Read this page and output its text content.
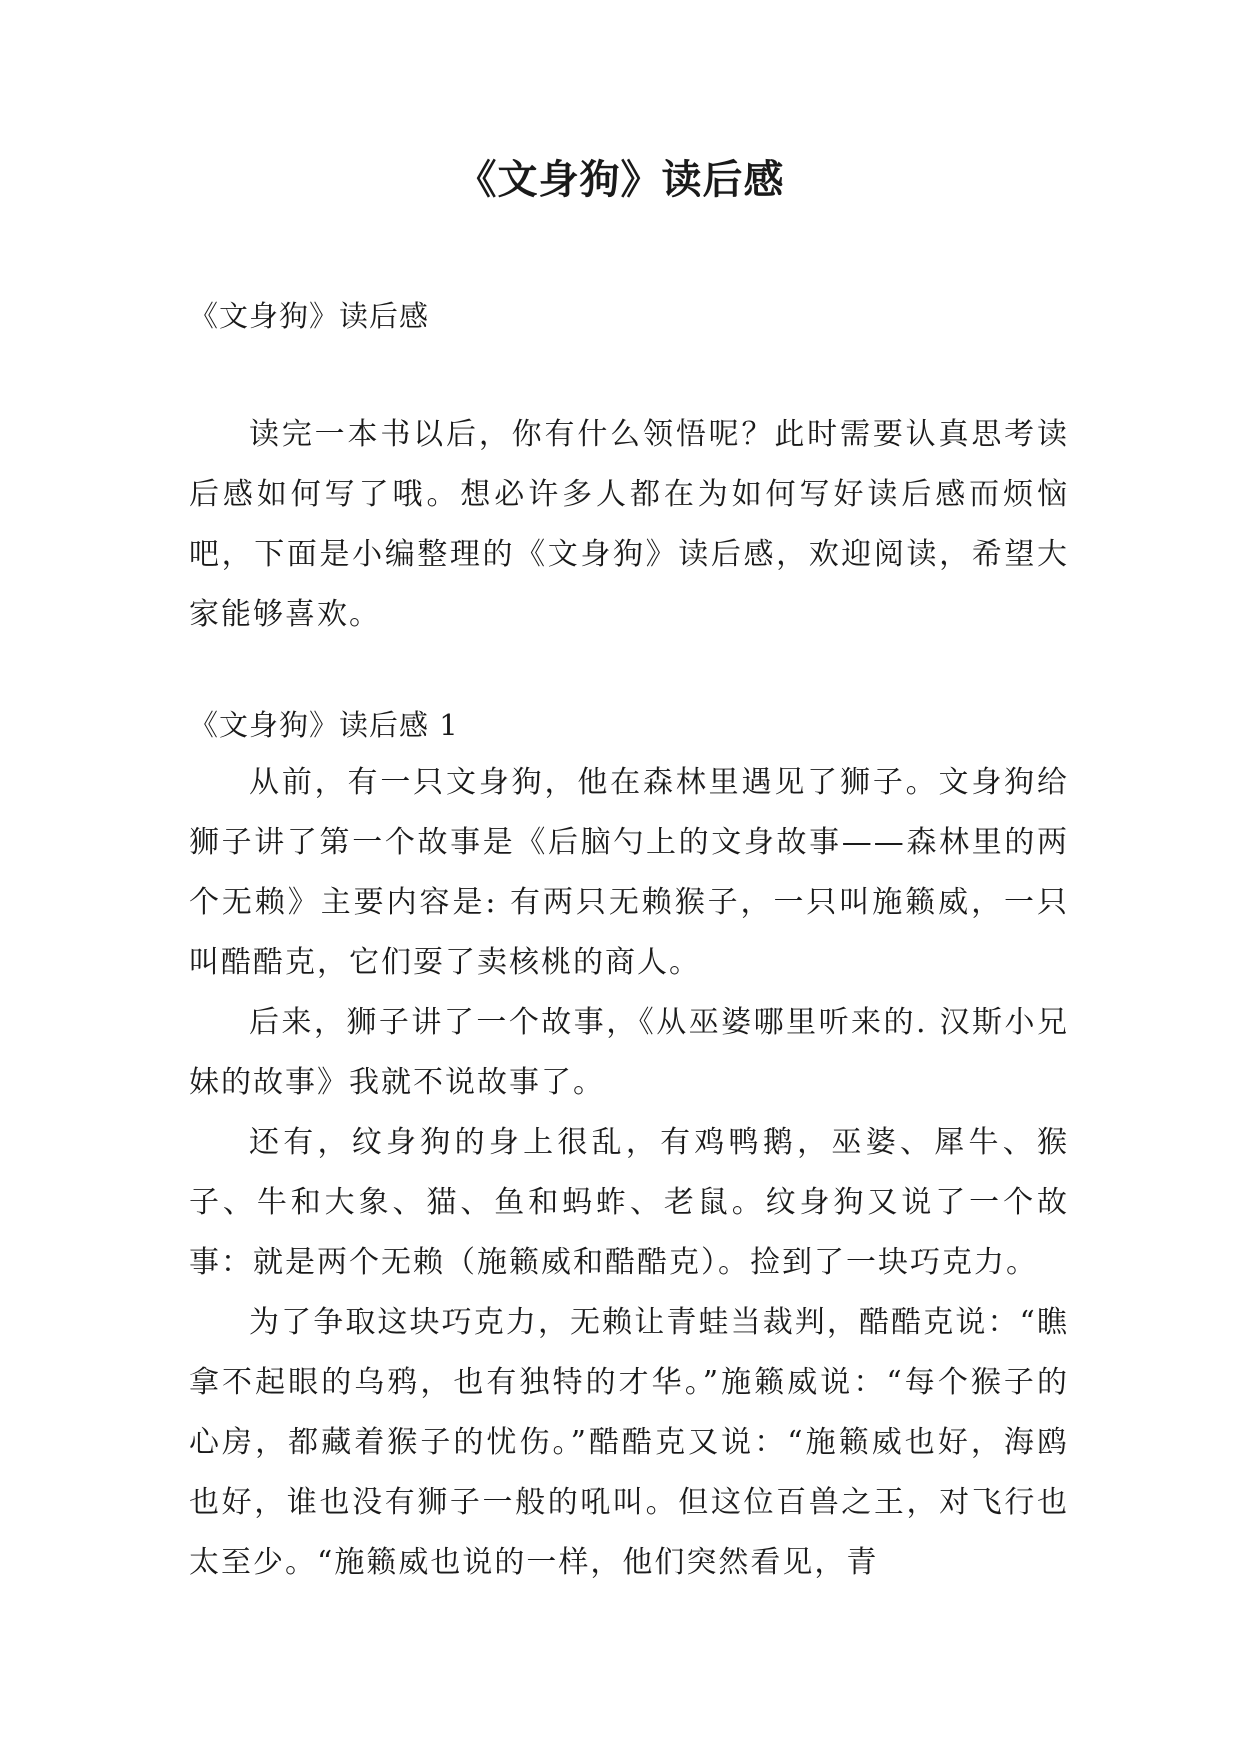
《文身狗》读后感

《文身狗》读后感

读完一本书以后，你有什么领悟呢？此时需要认真思考读后感如何写了哦。想必许多人都在为如何写好读后感而烦恼吧，下面是小编整理的《文身狗》读后感，欢迎阅读，希望大家能够喜欢。

《文身狗》读后感 1

从前，有一只文身狗，他在森林里遇见了狮子。文身狗给狮子讲了第一个故事是《后脑勺上的文身故事——森林里的两个无赖》主要内容是: 有两只无赖猴子，一只叫施籁威，一只叫酷酷克，它们耍了卖核桃的商人。

后来，狮子讲了一个故事，《从巫婆哪里听来的. 汉斯小兄妹的故事》我就不说故事了。

还有，纹身狗的身上很乱，有鸡鸭鹅，巫婆、犀牛、猴子、牛和大象、猫、鱼和蚂蚱、老鼠。纹身狗又说了一个故事：就是两个无赖（施籁威和酷酷克）。捡到了一块巧克力。

为了争取这块巧克力，无赖让青蛙当裁判，酷酷克说：“瞧拿不起眼的乌鸦，也有独特的才华。”施籁威说：“每个猴子的心房，都藏着猴子的忧伤。”酷酷克又说：“施籁威也好，海鸥也好，谁也没有狮子一般的吼叫。但这位百兽之王，对飞行也太至少。“施籁威也说的一样，他们突然看见，青
